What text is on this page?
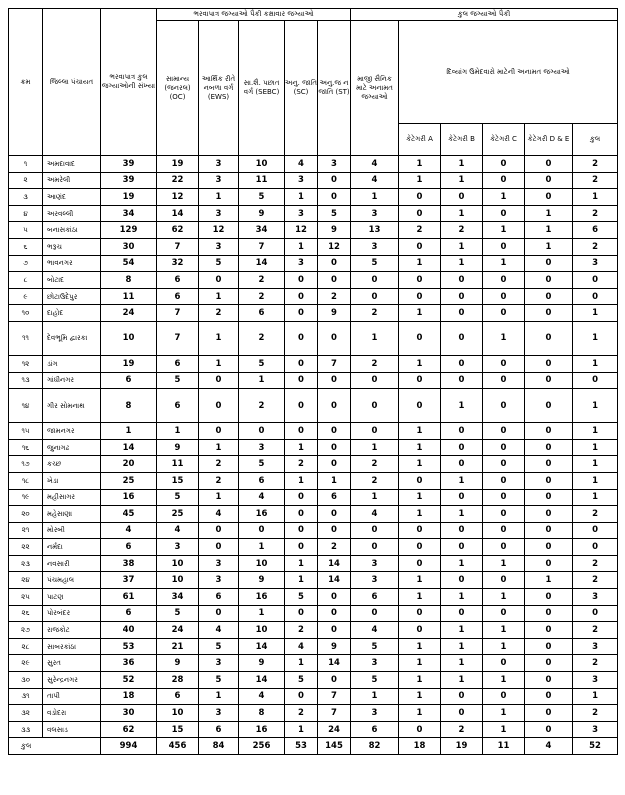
ક્રમ	જિલ્લા પંચાયત	ભરવાપાત્ર કુલ જગ્યાઓની સંખ્યા	ભરવાપાત્ર જગ્યાઓ પૈકી કક્ષાવાર જગ્યાઓ					કુલ જગ્યાઓ પૈકી					
			સામાન્ય (જનરલ) (OC)	આર્થિક રીતે નબળા વર્ગ (EWS)	સા.શૈ. પછાત વર્ગ (SEBC)	અનુ. જાતિ (SC)	અનુ.જ ન જાતિ (ST)	માજી સૈનિક માટે અનામત જગ્યાઓ	દિવ્યાંગ ઉમેદવારો માટેની અનામત જગ્યાઓ				
									કેટેગરી A	કેટેગરી B	કેટેગરી C	કેટેગરી D & E	કુલ
૧	અમદાવાદ	39	19	3	10	4	3	4	1	1	0	0	2
૨	અમરેલી	39	22	3	11	3	0	4	1	1	0	0	2
૩	આણંદ	19	12	1	5	1	0	1	0	0	1	0	1
૪	અરવલ્લી	34	14	3	9	3	5	3	0	1	0	1	2
૫	બનાસકાંઠા	129	62	12	34	12	9	13	2	2	1	1	6
૬	ભરૂચ	30	7	3	7	1	12	3	0	1	0	1	2
૭	ભાવનગર	54	32	5	14	3	0	5	1	1	1	0	3
૮	બોટાદ	8	6	0	2	0	0	0	0	0	0	0	0
૯	છોટાઉદેપુર	11	6	1	2	0	2	0	0	0	0	0	0
૧૦	દાહોદ	24	7	2	6	0	9	2	1	0	0	0	1
૧૧	દેવભૂમિ દ્વારકા	10	7	1	2	0	0	1	0	0	1	0	1
૧૨	ડાંગ	19	6	1	5	0	7	2	1	0	0	0	1
૧૩	ગાંધીનગર	6	5	0	1	0	0	0	0	0	0	0	0
૧૪	ગીર સોમનાથ	8	6	0	2	0	0	0	0	1	0	0	1
૧૫	જામનગર	1	1	0	0	0	0	0	1	0	0	0	1
૧૬	જુનાગઢ	14	9	1	3	1	0	1	1	0	0	0	1
૧૭	કચ્છ	20	11	2	5	2	0	2	1	0	0	0	1
૧૮	ખેડા	25	15	2	6	1	1	2	0	1	0	0	1
૧૯	મહીસાગર	16	5	1	4	0	6	1	1	0	0	0	1
૨૦	મહેસાણા	45	25	4	16	0	0	4	1	1	0	0	2
૨૧	મોરબી	4	4	0	0	0	0	0	0	0	0	0	0
૨૨	નર્મદા	6	3	0	1	0	2	0	0	0	0	0	0
૨૩	નવસારી	38	10	3	10	1	14	3	0	1	1	0	2
૨૪	પંચમહાલ	37	10	3	9	1	14	3	1	0	0	1	2
૨૫	પાટણ	61	34	6	16	5	0	6	1	1	1	0	3
૨૬	પોરબંદર	6	5	0	1	0	0	0	0	0	0	0	0
૨૭	રાજકોટ	40	24	4	10	2	0	4	0	1	1	0	2
૨૮	સાબરકાંઠા	53	21	5	14	4	9	5	1	1	1	0	3
૨૯	સુરત	36	9	3	9	1	14	3	1	1	0	0	2
૩૦	સુરેન્દ્રનગર	52	28	5	14	5	0	5	1	1	1	0	3
૩૧	તાપી	18	6	1	4	0	7	1	1	0	0	0	1
૩૨	વડોદરા	30	10	3	8	2	7	3	1	0	1	0	2
૩૩	વલસાડ	62	15	6	16	1	24	6	0	2	1	0	3
કુલ		994	456	84	256	53	145	82	18	19	11	4	52
